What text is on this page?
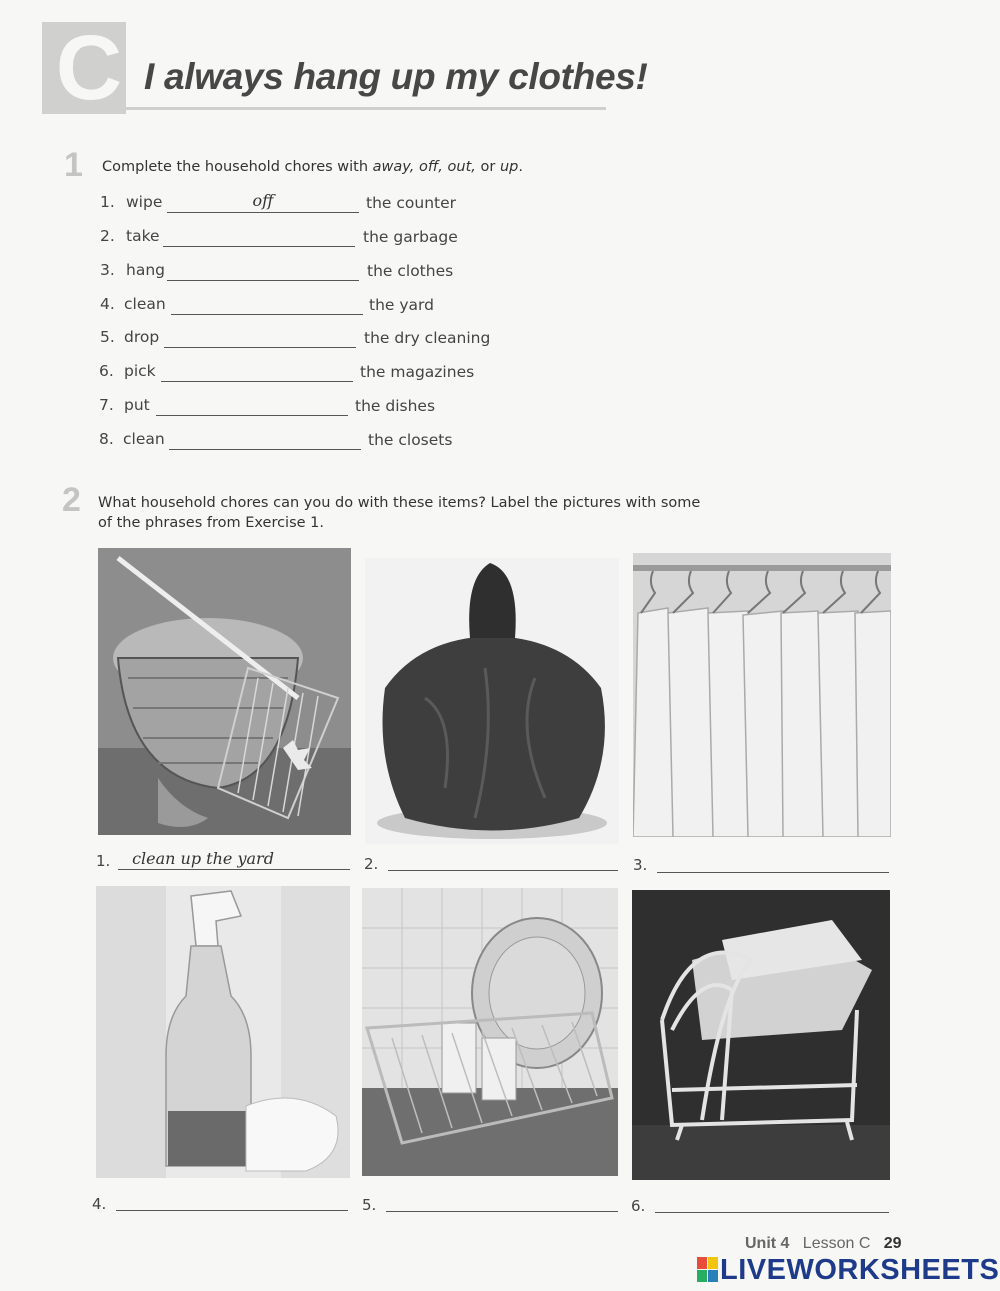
C I always hang up my clothes!
1 Complete the household chores with away, off, out, or up.
1. wipe	off	the counter
2. take	the garbage
3. hang	the clothes
4. clean	the yard
5. drop	the dry cleaning
6. pick	the magazines
7. put	the dishes
8. clean	the closets
2 What household chores can you do with these items? Label the pictures with some
of the phrases from Exercise 1.
1.	clean up the yard	2.	3.
4.	5.	6.
Unit 4 Lesson C 29
LIVEWORKSHEETS
